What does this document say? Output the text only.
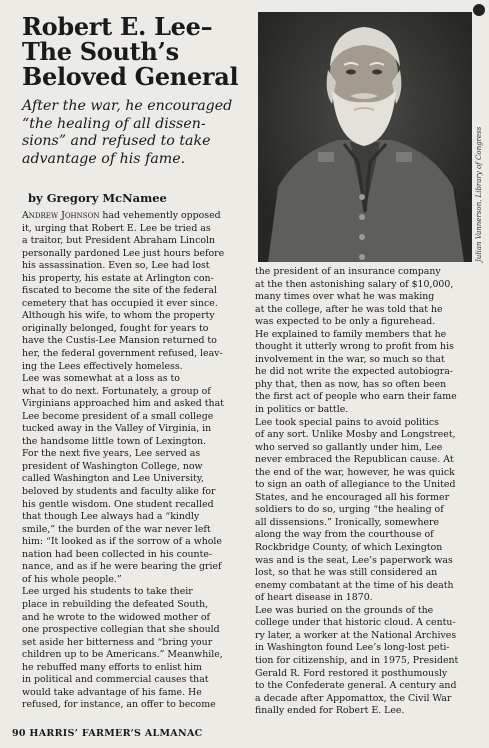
Robert E. Lee–
The South’s
Beloved General
After the war, he encouraged
“the healing of all dissen-
sions” and refused to take
advantage of his fame.
by Gregory McNamee	Julian Vannerson, Library of Congress
Andrew Johnson had vehemently opposed
it, urging that Robert E. Lee be tried as
a traitor, but President Abraham Lincoln
personally pardoned Lee just hours before
his assassination. Even so, Lee had lost
his property, his estate at Arlington con-
fiscated to become the site of the federal
cemetery that has occupied it ever since.
Although his wife, to whom the property
originally belonged, fought for years to
have the Custis-Lee Mansion returned to
her, the federal government refused, leav-
ing the Lees effectively homeless.
Lee was somewhat at a loss as to
what to do next. Fortunately, a group of
Virginians approached him and asked that
Lee become president of a small college
tucked away in the Valley of Virginia, in
the handsome little town of Lexington.
For the next five years, Lee served as
president of Washington College, now
called Washington and Lee University,
beloved by students and faculty alike for
his gentle wisdom. One student recalled
that though Lee always had a “kindly
smile,” the burden of the war never left
him: “It looked as if the sorrow of a whole
nation had been collected in his counte-
nance, and as if he were bearing the grief
of his whole people.”
Lee urged his students to take their
place in rebuilding the defeated South,
and he wrote to the widowed mother of
one prospective collegian that she should
set aside her bitterness and “bring your
children up to be Americans.” Meanwhile,
he rebuffed many efforts to enlist him
in political and commercial causes that
would take advantage of his fame. He
refused, for instance, an offer to become
the president of an insurance company
at the then astonishing salary of $10,000,
many times over what he was making
at the college, after he was told that he
was expected to be only a figurehead.
He explained to family members that he
thought it utterly wrong to profit from his
involvement in the war, so much so that
he did not write the expected autobiogra-
phy that, then as now, has so often been
the first act of people who earn their fame
in politics or battle.
Lee took special pains to avoid politics
of any sort. Unlike Mosby and Longstreet,
who served so gallantly under him, Lee
never embraced the Republican cause. At
the end of the war, however, he was quick
to sign an oath of allegiance to the United
States, and he encouraged all his former
soldiers to do so, urging “the healing of
all dissensions.” Ironically, somewhere
along the way from the courthouse of
Rockbridge County, of which Lexington
was and is the seat, Lee’s paperwork was
lost, so that he was still considered an
enemy combatant at the time of his death
of heart disease in 1870.
Lee was buried on the grounds of the
college under that historic cloud. A centu-
ry later, a worker at the National Archives
in Washington found Lee’s long-lost peti-
tion for citizenship, and in 1975, President
Gerald R. Ford restored it posthumously
to the Confederate general. A century and
a decade after Appomattox, the Civil War
finally ended for Robert E. Lee.
90 HARRIS’ FARMER’S ALMANAC
